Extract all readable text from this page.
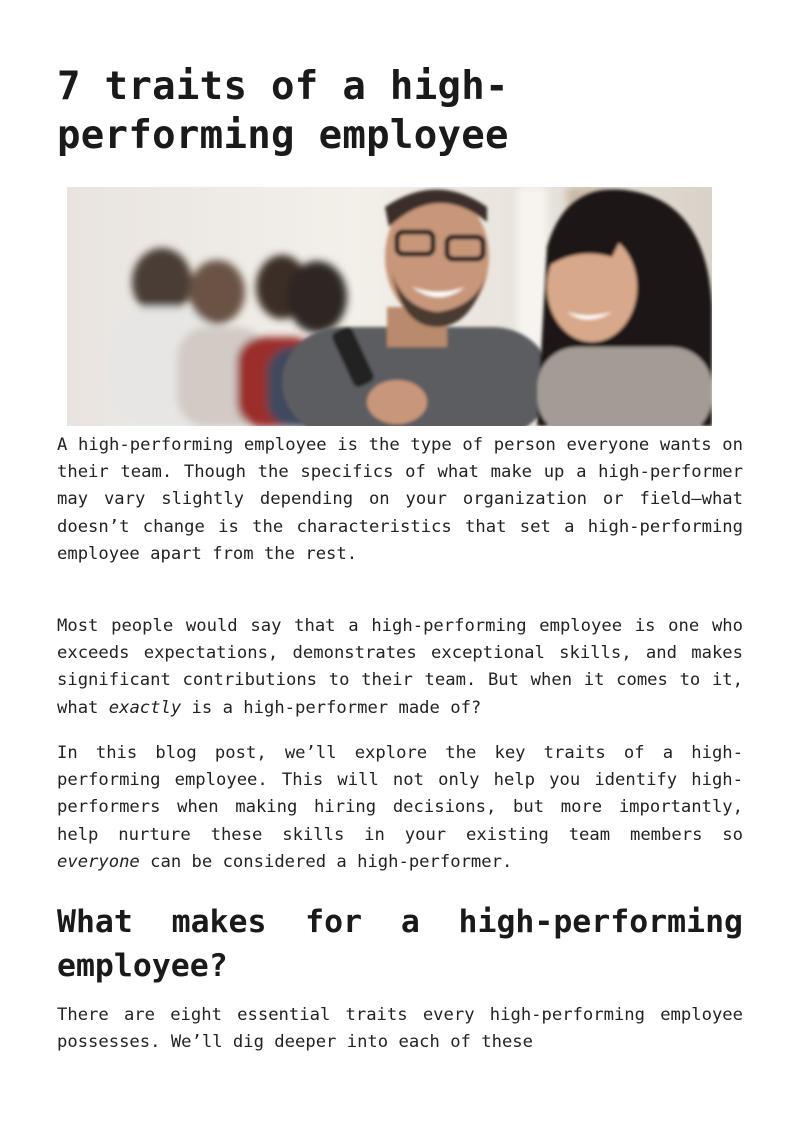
7 traits of a high-performing employee

A high-performing employee is the type of person everyone wants on their team. Though the specifics of what make up a high-performer may vary slightly depending on your organization or field—what doesn’t change is the characteristics that set a high-performing employee apart from the rest.

Most people would say that a high-performing employee is one who exceeds expectations, demonstrates exceptional skills, and makes significant contributions to their team. But when it comes to it, what exactly is a high-performer made of?

In this blog post, we’ll explore the key traits of a high-performing employee. This will not only help you identify high-performers when making hiring decisions, but more importantly, help nurture these skills in your existing team members so everyone can be considered a high-performer.

What makes for a high-performing employee?

There are eight essential traits every high-performing employee possesses. We’ll dig deeper into each of these
